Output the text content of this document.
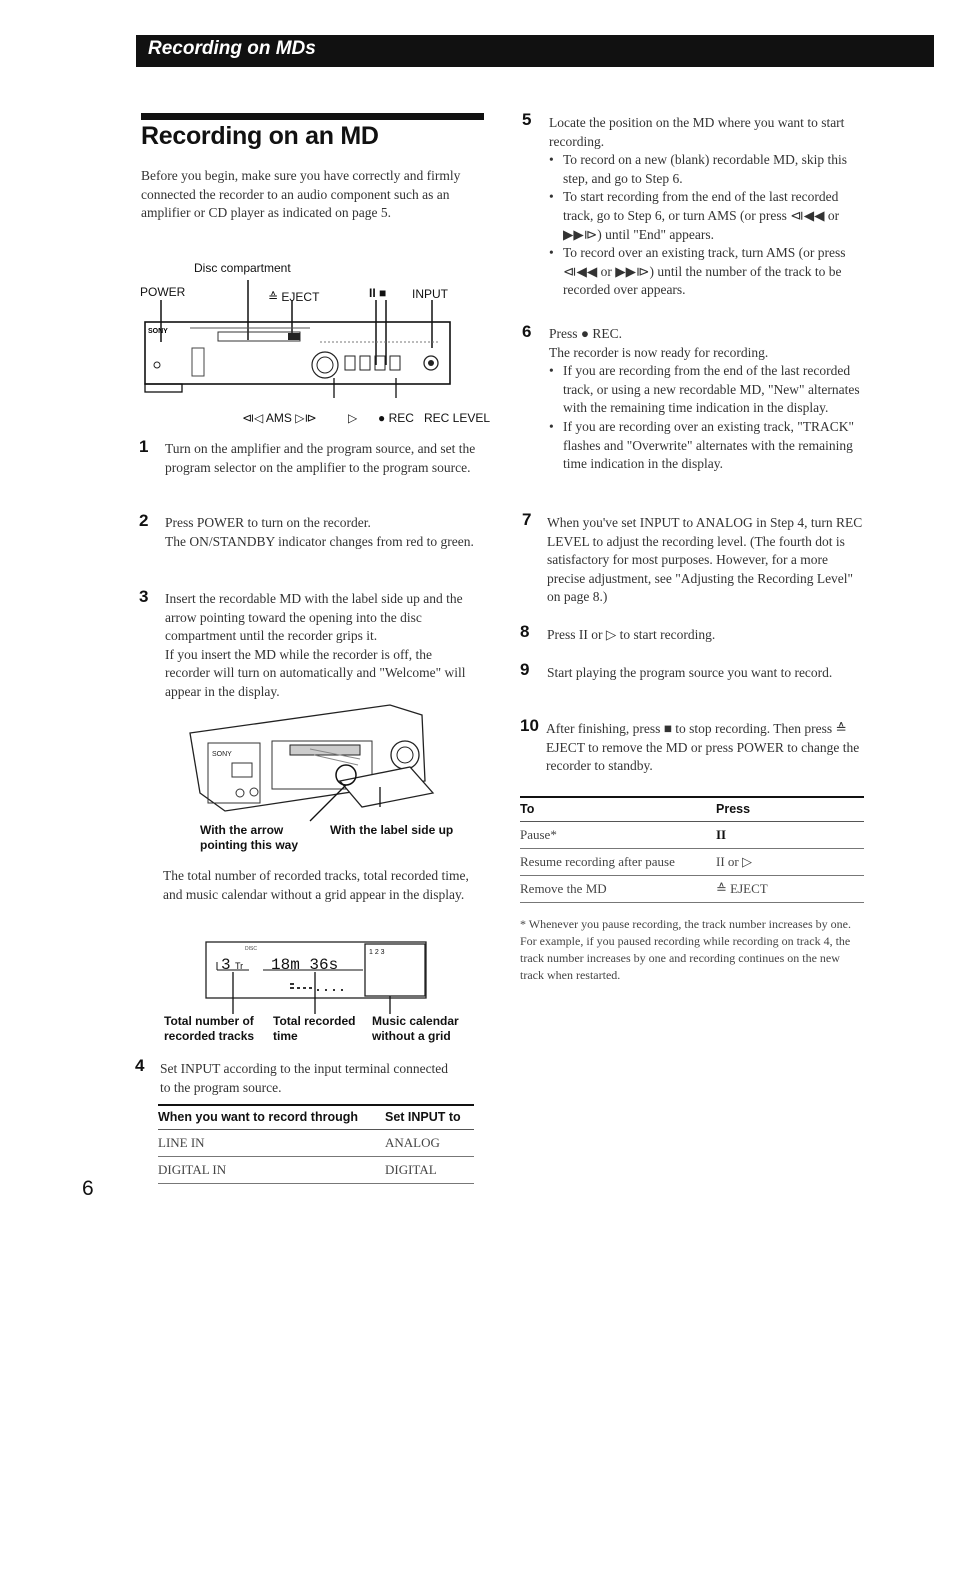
Recording on MDs
Recording on an MD

Before you begin, make sure you have correctly and firmly connected the recorder to an audio component such as an amplifier or CD player as indicated on page 5.

Disc compartment
POWER	≙ EJECT	II ■ INPUT
SONY
⧏◁ AMS ▷⧐	▷ ● REC REC LEVEL
1 Turn on the amplifier and the program source, and set the program selector on the amplifier to the program source.

2 Press POWER to turn on the recorder.

The ON/STANDBY indicator changes from red to green.

3 Insert the recordable MD with the label side up and the arrow pointing toward the opening into the disc compartment until the recorder grips it.

If you insert the MD while the recorder is off, the recorder will turn on automatically and "Welcome" will appear in the display.

SONY
With the arrow pointing this way
With the label side up

The total number of recorded tracks, total recorded time, and music calendar without a grid appear in the display.

DISC
3 Tr 18m 36s
1 2 3
Total number of recorded tracks
Total recorded time
Music calendar without a grid
4 Set INPUT according to the input terminal connected to the program source.
When you want to record through	Set INPUT to
LINE IN	ANALOG
DIGITAL IN	DIGITAL
6
5 Locate the position on the MD where you want to start recording.

• To record on a new (blank) recordable MD, skip this step, and go to Step 6.
• To start recording from the end of the last recorded track, go to Step 6, or turn AMS (or press ⧏◀◀ or ▶▶⧐) until "End" appears.
• To record over an existing track, turn AMS (or press ⧏◀◀ or ▶▶⧐) until the number of the track to be recorded over appears.
6 Press ● REC.

The recorder is now ready for recording.

• If you are recording from the end of the last recorded track, or using a new recordable MD, "New" alternates with the remaining time indication in the display.
• If you are recording over an existing track, "TRACK" flashes and "Overwrite" alternates with the remaining time indication in the display.
7 When you've set INPUT to ANALOG in Step 4, turn REC LEVEL to adjust the recording level. (The fourth dot is satisfactory for most purposes. However, for a more precise adjustment, see "Adjusting the Recording Level" on page 8.)
8 Press II or ▷ to start recording.
9 Start playing the program source you want to record.
10 After finishing, press ■ to stop recording. Then press ≙ EJECT to remove the MD or press POWER to change the recorder to standby.
To	Press
Pause*	II
Resume recording after pause	II or ▷
Remove the MD	≙ EJECT
* Whenever you pause recording, the track number increases by one. For example, if you paused recording while recording on track 4, the track number increases by one and recording continues on the new track when restarted.
